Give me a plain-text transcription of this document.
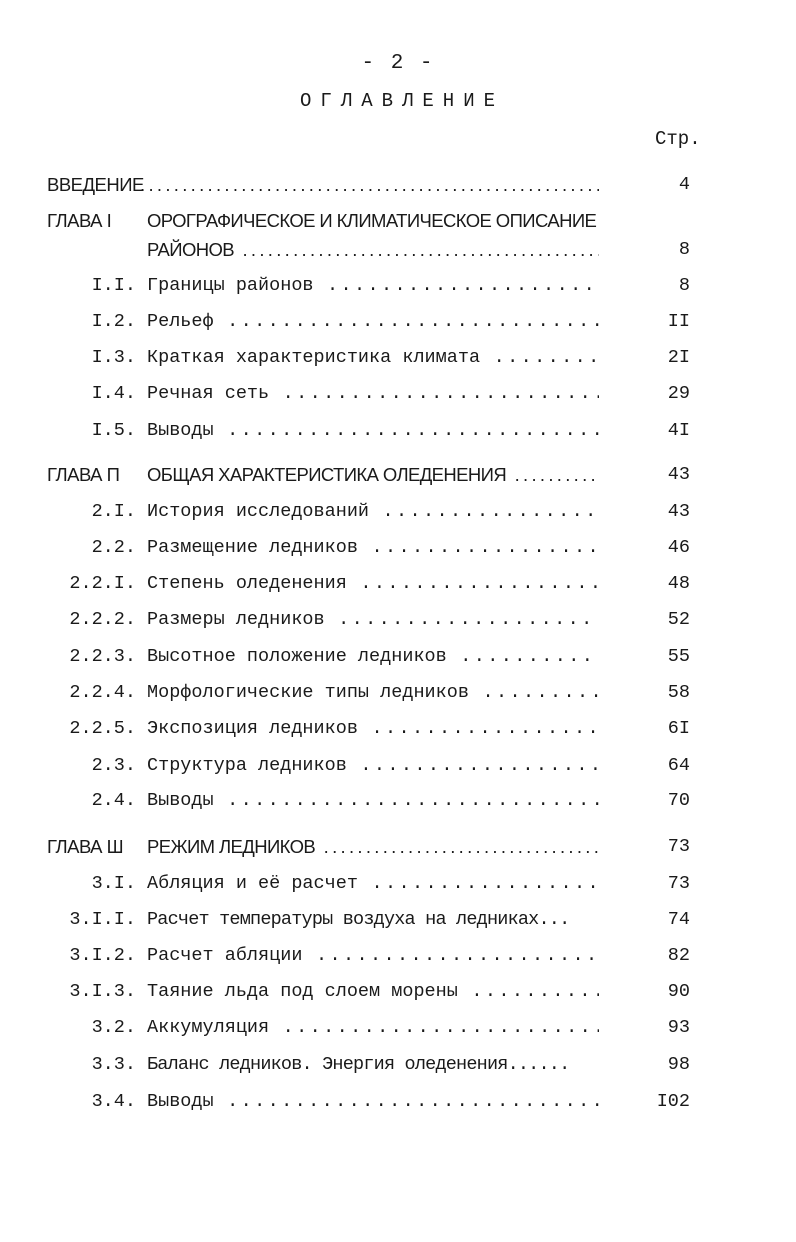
- 2 -
ОГЛАВЛЕНИЕ
Стр.
ВВЕДЕНИЕ .....	4
ГЛАВА I ОРОГРАФИЧЕСКОЕ И КЛИМАТИЧЕСКОЕ ОПИСАНИЕ
РАЙОНОВ .....	8
I.I. Границы районов .....	8
I.2. Рельеф .....	II
I.3. Краткая характеристика климата .....	2I
I.4. Речная сеть .....	29
I.5. Выводы .....	4I
ГЛАВА П ОБЩАЯ ХАРАКТЕРИСТИКА ОЛЕДЕНЕНИЯ .....	43
2.I. История исследований .....	43
2.2. Размещение ледников .....	46
2.2.I. Степень оледенения .....	48
2.2.2. Размеры ледников .....	52
2.2.3. Высотное положение ледников .....	55
2.2.4. Морфологические типы ледников .....	58
2.2.5. Экспозиция ледников .....	6I
2.3. Структура ледников .....	64
2.4. Выводы .....	70
ГЛАВА Ш РЕЖИМ ЛЕДНИКОВ .....	73
3.I. Абляция и её расчет .....	73
3.I.I. Расчет температуры воздуха на ледниках...	74
3.I.2. Расчет абляции .....	82
3.I.3. Таяние льда под слоем морены .....	90
3.2. Аккумуляция .....	93
3.3. Баланс ледников. Энергия оледенения......	98
3.4. Выводы .....	I02
